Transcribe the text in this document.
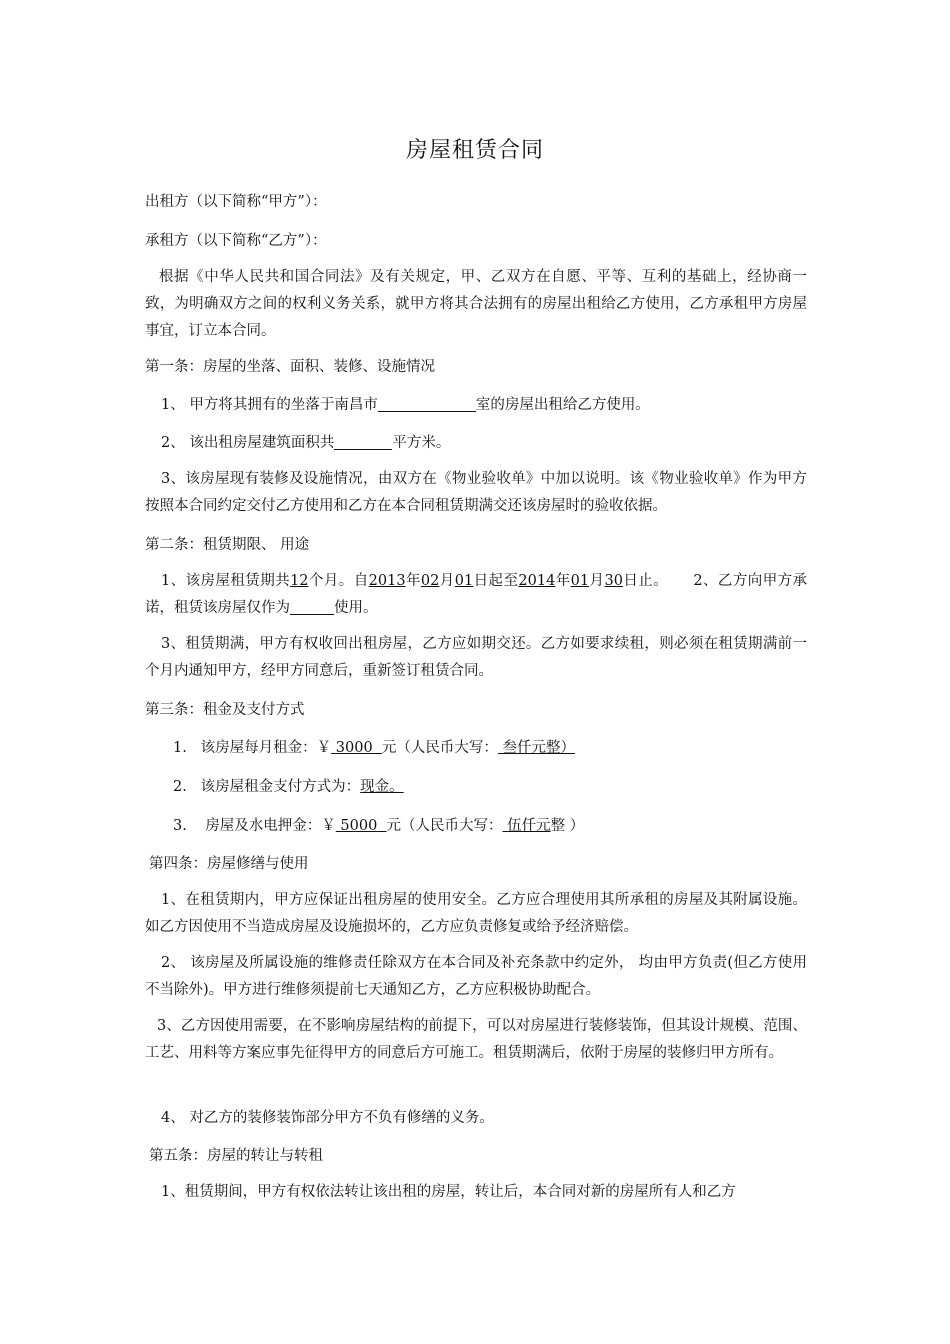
房屋租赁合同
出租方（以下简称“甲方”）：
承租方（以下简称“乙方”）：
根据《中华人民共和国合同法》及有关规定，甲、乙双方在自愿、平等、互利的基础上，经协商一致，为明确双方之间的权利义务关系，就甲方将其合法拥有的房屋出租给乙方使用，乙方承租甲方房屋事宜，订立本合同。
第一条：房屋的坐落、面积、装修、设施情况
1、 甲方将其拥有的坐落于南昌市	室的房屋出租给乙方使用。
2、 该出租房屋建筑面积共	平方米。
3、该房屋现有装修及设施情况，由双方在《物业验收单》中加以说明。该《物业验收单》作为甲方按照本合同约定交付乙方使用和乙方在本合同租赁期满交还该房屋时的验收依据。
第二条：租赁期限、 用途
1、该房屋租赁期共12个月。自2013年02月01日起至2014年01月30日止。 2、乙方向甲方承诺，租赁该房屋仅作为	使用。
3、租赁期满，甲方有权收回出租房屋，乙方应如期交还。乙方如要求续租，则必须在租赁期满前一个月内通知甲方，经甲方同意后，重新签订租赁合同。
第三条：租金及支付方式
1. 该房屋每月租金：￥ 3000 元（人民币大写： 叁仟元整）
2. 该房屋租金支付方式为：现金。
3. 房屋及水电押金：￥ 5000 元（人民币大写： 伍仟元整 ）
第四条：房屋修缮与使用
1、在租赁期内，甲方应保证出租房屋的使用安全。乙方应合理使用其所承租的房屋及其附属设施。如乙方因使用不当造成房屋及设施损坏的，乙方应负责修复或给予经济赔偿。
2、 该房屋及所属设施的维修责任除双方在本合同及补充条款中约定外， 均由甲方负责(但乙方使用不当除外)。甲方进行维修须提前七天通知乙方，乙方应积极协助配合。
3、乙方因使用需要，在不影响房屋结构的前提下，可以对房屋进行装修装饰，但其设计规模、范围、工艺、用料等方案应事先征得甲方的同意后方可施工。租赁期满后，依附于房屋的装修归甲方所有。
4、 对乙方的装修装饰部分甲方不负有修缮的义务。
第五条：房屋的转让与转租
1、租赁期间，甲方有权依法转让该出租的房屋，转让后，本合同对新的房屋所有人和乙方
